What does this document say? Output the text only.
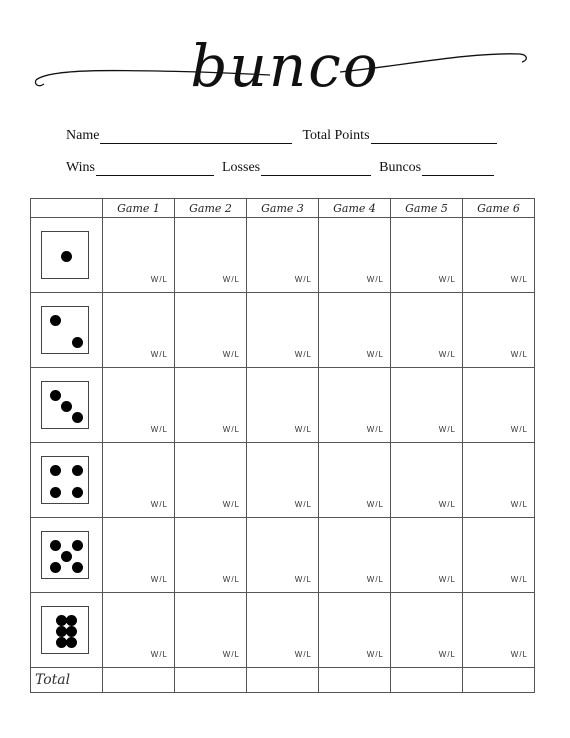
bunco
Name	Total Points
Wins	Losses	Buncos
	Game 1	Game 2	Game 3	Game 4	Game 5	Game 6

	W/L	W/L	W/L	W/L	W/L	W/L

	W/L	W/L	W/L	W/L	W/L	W/L

	W/L	W/L	W/L	W/L	W/L	W/L

	W/L	W/L	W/L	W/L	W/L	W/L

	W/L	W/L	W/L	W/L	W/L	W/L

	W/L	W/L	W/L	W/L	W/L	W/L

Total						
